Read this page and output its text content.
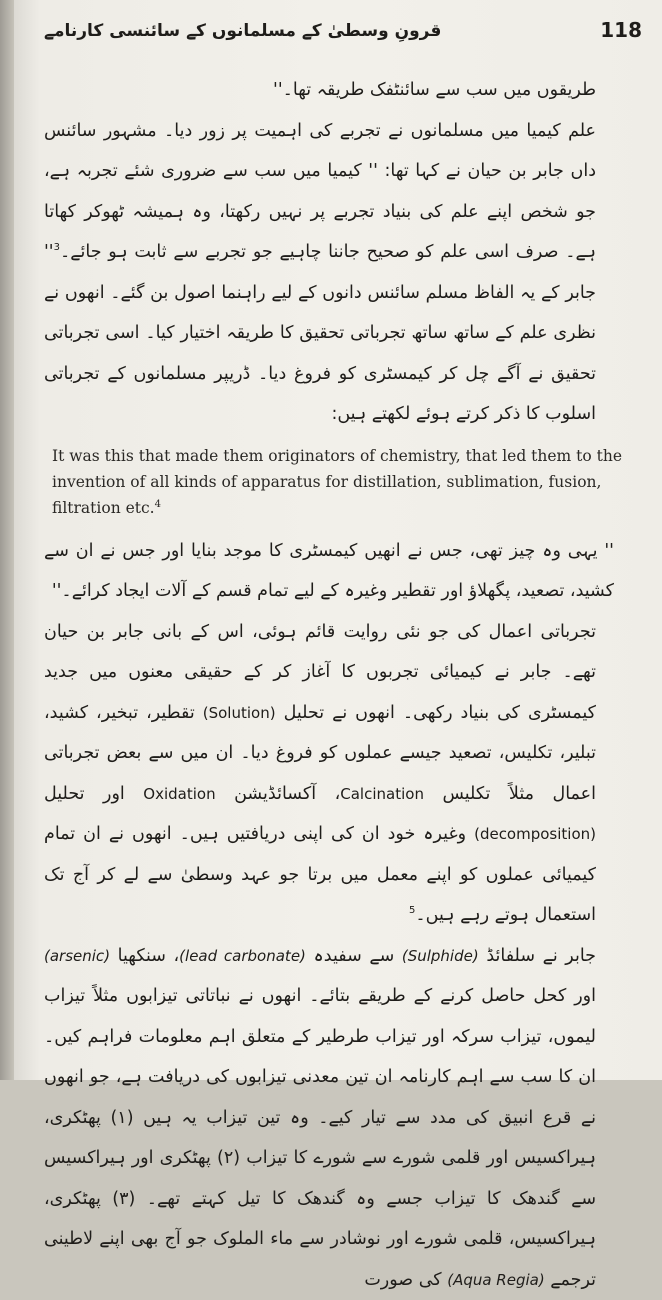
118
قرونِ وسطیٰ کے مسلمانوں کے سائنسی کارنامے

طریقوں میں سب سے سائنٹفک طریقہ تھا۔''

علم کیمیا میں مسلمانوں نے تجربے کی اہمیت پر زور دیا۔ مشہور سائنس داں جابر بن حیان نے کہا تھا: '' کیمیا میں سب سے ضروری شئے تجربہ ہے، جو شخص اپنے علم کی بنیاد تجربے پر نہیں رکھتا، وہ ہمیشہ ٹھوکر کھاتا ہے۔ صرف اسی علم کو صحیح جاننا چاہیے جو تجربے سے ثابت ہو جائے۔$^3$'' جابر کے یہ الفاظ مسلم سائنس دانوں کے لیے راہنما اصول بن گئے۔ انھوں نے نظری علم کے ساتھ ساتھ تجرباتی تحقیق کا طریقہ اختیار کیا۔ اسی تجرباتی تحقیق نے آگے چل کر کیمسٹری کو فروغ دیا۔ ڈریپر مسلمانوں کے تجرباتی اسلوب کا ذکر کرتے ہوئے لکھتے ہیں:

It was this that made them originators of chemistry, that led them to the invention of all kinds of apparatus for distillation, sublimation, fusion, filtration etc.$^4$

'' یہی وہ چیز تھی، جس نے انھیں کیمسٹری کا موجد بنایا اور جس نے ان سے کشید، تصعید، پگھلاؤ اور تقطیر وغیرہ کے لیے تمام قسم کے آلات ایجاد کرائے۔''

تجرباتی اعمال کی جو نئی روایت قائم ہوئی، اس کے بانی جابر بن حیان تھے۔ جابر نے کیمیائی تجربوں کا آغاز کر کے حقیقی معنوں میں جدید کیمسٹری کی بنیاد رکھی۔ انھوں نے تحلیل (Solution) تقطیر، تبخیر، کشید، تبلیر، تکلیس، تصعید جیسے عملوں کو فروغ دیا۔ ان میں سے بعض تجرباتی اعمال مثلاً تکلیس Calcination، آکسائڈیشن Oxidation اور تحلیل (decomposition) وغیرہ خود ان کی اپنی دریافتیں ہیں۔ انھوں نے ان تمام کیمیائی عملوں کو اپنے معمل میں برتا جو عہد وسطیٰ سے لے کر آج تک استعمال ہوتے رہے ہیں۔$^5$

جابر نے سلفائڈ (Sulphide) سے سفیدہ (lead carbonate)، سنکھیا (arsenic) اور کحل حاصل کرنے کے طریقے بتائے۔ انھوں نے نباتاتی تیزابوں مثلاً تیزاب لیموں، تیزاب سرکہ اور تیزاب طرطیر کے متعلق اہم معلومات فراہم کیں۔ ان کا سب سے اہم کارنامہ ان تین معدنی تیزابوں کی دریافت ہے، جو انھوں نے قرع انبیق کی مدد سے تیار کیے۔ وہ تین تیزاب یہ ہیں (۱) پھٹکری، ہیراکسیس اور قلمی شورے سے شورے کا تیزاب (۲) پھٹکری اور ہیراکسیس سے گندھک کا تیزاب جسے وہ گندھک کا تیل کہتے تھے۔ (۳) پھٹکری، ہیراکسیس، قلمی شورے اور نوشادر سے ماء الملوک جو آج بھی اپنے لاطینی ترجمے (Aqua Regia) کی صورت
